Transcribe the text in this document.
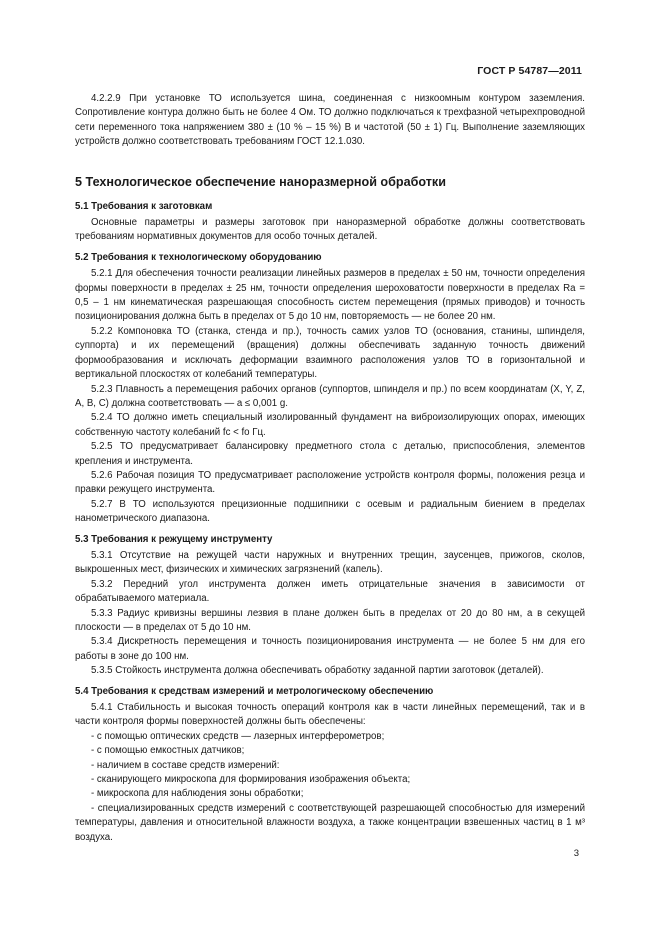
ГОСТ Р 54787—2011

4.2.2.9 При установке ТО используется шина, соединенная с низкоомным контуром заземления. Сопротивление контура должно быть не более 4 Ом. ТО должно подключаться к трехфазной четырехпроводной сети переменного тока напряжением 380 ± (10 % – 15 %) В и частотой (50 ± 1) Гц. Выполнение заземляющих устройств должно соответствовать требованиям ГОСТ 12.1.030.

5 Технологическое обеспечение наноразмерной обработки
5.1 Требования к заготовкам

Основные параметры и размеры заготовок при наноразмерной обработке должны соответствовать требованиям нормативных документов для особо точных деталей.

5.2 Требования к технологическому оборудованию

5.2.1 Для обеспечения точности реализации линейных размеров в пределах ± 50 нм, точности определения формы поверхности в пределах ± 25 нм, точности определения шероховатости поверхности в пределах Ra = 0,5 – 1 нм кинематическая разрешающая способность систем перемещения (прямых приводов) и точность позиционирования должна быть в пределах от 5 до 10 нм, повторяемость — не более 20 нм.

5.2.2 Компоновка ТО (станка, стенда и пр.), точность самих узлов ТО (основания, станины, шпинделя, суппорта) и их перемещений (вращения) должны обеспечивать заданную точность движений формообразования и исключать деформации взаимного расположения узлов ТО в горизонтальной и вертикальной плоскостях от колебаний температуры.

5.2.3 Плавность a перемещения рабочих органов (суппортов, шпинделя и пр.) по всем координатам (X, Y, Z, A, B, C) должна соответствовать — a ≤ 0,001 g.

5.2.4 ТО должно иметь специальный изолированный фундамент на виброизолирующих опорах, имеющих собственную частоту колебаний fс < fо Гц.

5.2.5 ТО предусматривает балансировку предметного стола с деталью, приспособления, элементов крепления и инструмента.

5.2.6 Рабочая позиция ТО предусматривает расположение устройств контроля формы, положения резца и правки режущего инструмента.

5.2.7 В ТО используются прецизионные подшипники с осевым и радиальным биением в пределах нанометрического диапазона.

5.3 Требования к режущему инструменту

5.3.1 Отсутствие на режущей части наружных и внутренних трещин, заусенцев, прижогов, сколов, выкрошенных мест, физических и химических загрязнений (капель).

5.3.2 Передний угол инструмента должен иметь отрицательные значения в зависимости от обрабатываемого материала.

5.3.3 Радиус кривизны вершины лезвия в плане должен быть в пределах от 20 до 80 нм, а в секущей плоскости — в пределах от 5 до 10 нм.

5.3.4 Дискретность перемещения и точность позиционирования инструмента — не более 5 нм для его работы в зоне до 100 нм.

5.3.5 Стойкость инструмента должна обеспечивать обработку заданной партии заготовок (деталей).

5.4 Требования к средствам измерений и метрологическому обеспечению

5.4.1 Стабильность и высокая точность операций контроля как в части линейных перемещений, так и в части контроля формы поверхностей должны быть обеспечены:

- с помощью оптических средств — лазерных интерферометров;

- с помощью емкостных датчиков;

- наличием в составе средств измерений:

- сканирующего микроскопа для формирования изображения объекта;

- микроскопа для наблюдения зоны обработки;

- специализированных средств измерений с соответствующей разрешающей способностью для измерений температуры, давления и относительной влажности воздуха, а также концентрации взвешенных частиц в 1 м³ воздуха.

3
